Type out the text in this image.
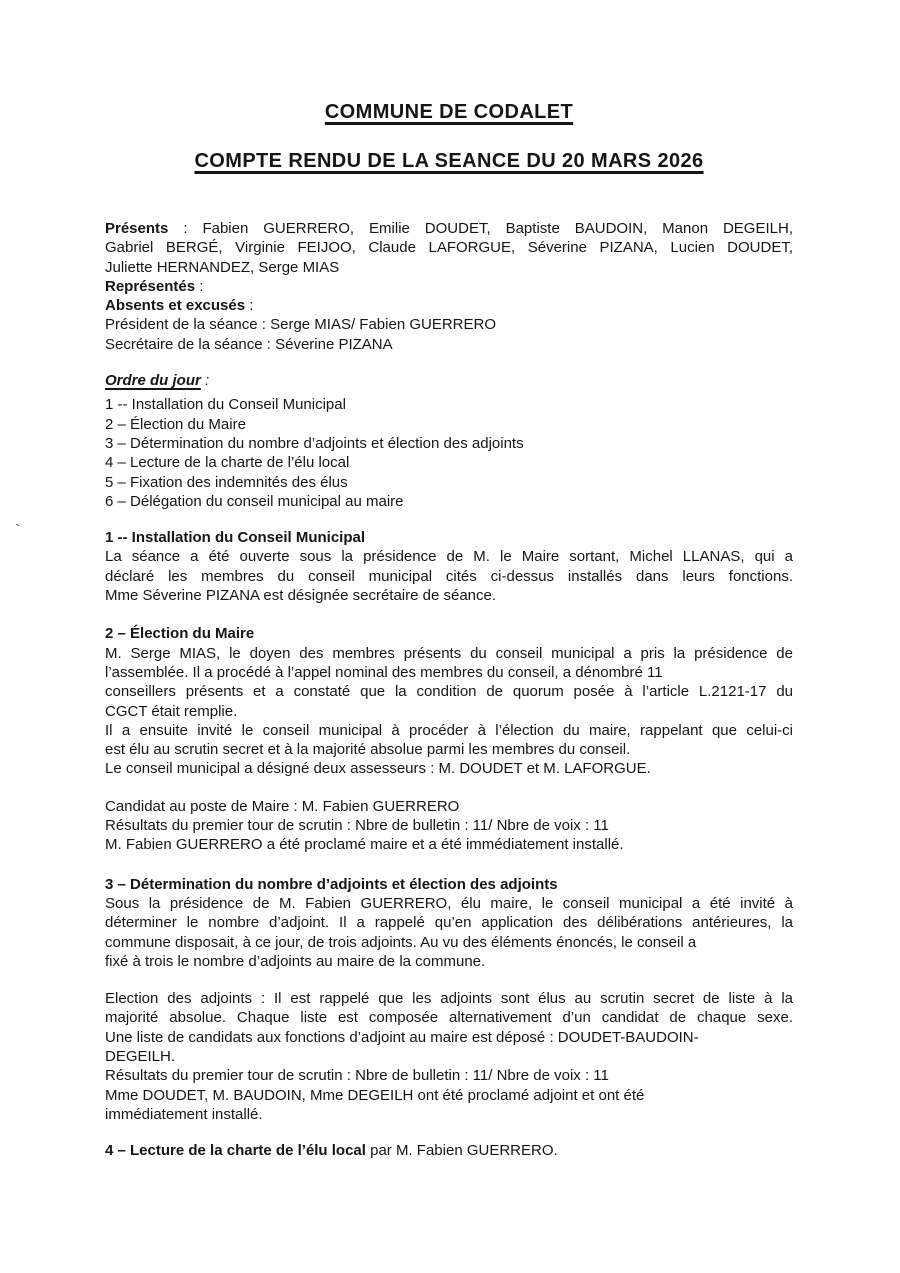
`
COMMUNE DE CODALET
COMPTE RENDU DE LA SEANCE DU 20 MARS 2026
Présents : Fabien GUERRERO, Emilie DOUDET, Baptiste BAUDOIN, Manon DEGEILH,
Gabriel BERGÉ, Virginie FEIJOO, Claude LAFORGUE, Séverine PIZANA, Lucien DOUDET,
Juliette HERNANDEZ, Serge MIAS
Représentés :
Absents et excusés :
Président de la séance : Serge MIAS/ Fabien GUERRERO
Secrétaire de la séance : Séverine PIZANA
Ordre du jour :
1 -- Installation du Conseil Municipal
2 – Élection du Maire
3 – Détermination du nombre d’adjoints et élection des adjoints
4 – Lecture de la charte de l’élu local
5 – Fixation des indemnités des élus
6 – Délégation du conseil municipal au maire
1 -- Installation du Conseil Municipal
La séance a été ouverte sous la présidence de M. le Maire sortant, Michel LLANAS, qui a
déclaré les membres du conseil municipal cités ci-dessus installés dans leurs fonctions.
Mme Séverine PIZANA est désignée secrétaire de séance.
2 – Élection du Maire
M. Serge MIAS, le doyen des membres présents du conseil municipal a pris la présidence de
l’assemblée. Il a procédé à l’appel nominal des membres du conseil, a dénombré 11
conseillers présents et a constaté que la condition de quorum posée à l’article L.2121-17 du
CGCT était remplie.
Il a ensuite invité le conseil municipal à procéder à l’élection du maire, rappelant que celui-ci
est élu au scrutin secret et à la majorité absolue parmi les membres du conseil.
Le conseil municipal a désigné deux assesseurs : M. DOUDET et M. LAFORGUE.
Candidat au poste de Maire : M. Fabien GUERRERO
Résultats du premier tour de scrutin : Nbre de bulletin : 11/ Nbre de voix : 11
M. Fabien GUERRERO a été proclamé maire et a été immédiatement installé.
3 – Détermination du nombre d’adjoints et élection des adjoints
Sous la présidence de M. Fabien GUERRERO, élu maire, le conseil municipal a été invité à
déterminer le nombre d’adjoint. Il a rappelé qu’en application des délibérations antérieures, la
commune disposait, à ce jour, de trois adjoints. Au vu des éléments énoncés, le conseil a
fixé à trois le nombre d’adjoints au maire de la commune.
Election des adjoints : Il est rappelé que les adjoints sont élus au scrutin secret de liste à la
majorité absolue. Chaque liste est composée alternativement d’un candidat de chaque sexe.
Une liste de candidats aux fonctions d’adjoint au maire est déposé : DOUDET-BAUDOIN-
DEGEILH.
Résultats du premier tour de scrutin : Nbre de bulletin : 11/ Nbre de voix : 11
Mme DOUDET, M. BAUDOIN, Mme DEGEILH ont été proclamé adjoint et ont été
immédiatement installé.
4 – Lecture de la charte de l’élu local par M. Fabien GUERRERO.
